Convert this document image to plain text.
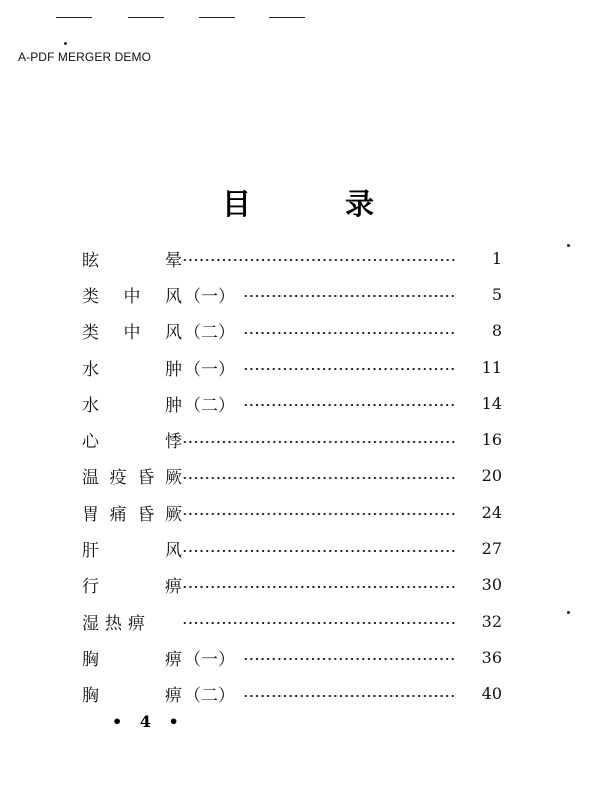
A-PDF MERGER DEMO
目	录
眩	晕	1
类 中 风 （一）	5
类 中 风 （二）	8
水	肿 （一）	11
水	肿 （二）	14
心	悸	16
温 疫 昏 厥	20
胃 痛 昏 厥	24
肝	风	27
行	痹	30
湿热痹	32
胸	痹 （一）	36
胸	痹 （二）	40
• 4 •
